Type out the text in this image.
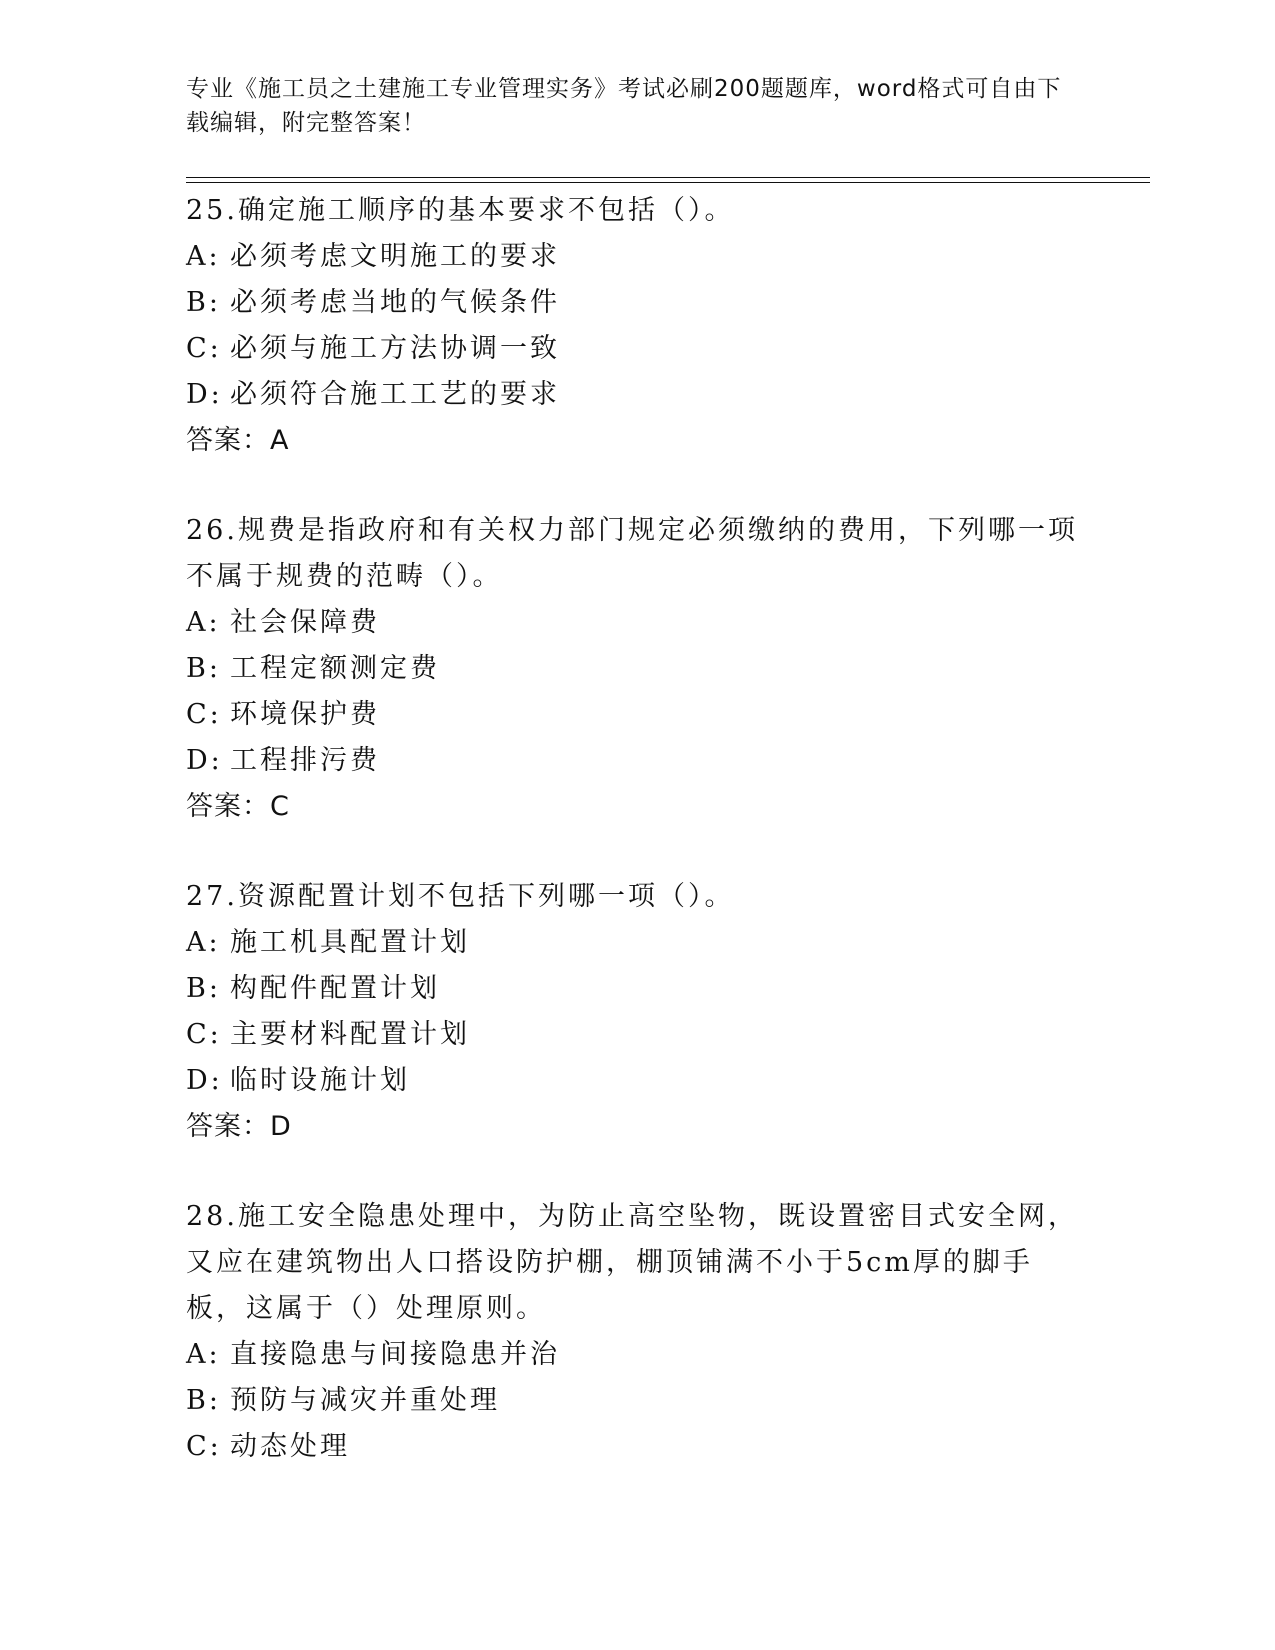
专业《施工员之土建施工专业管理实务》考试必刷200题题库，word格式可自由下载编辑，附完整答案！
25.确定施工顺序的基本要求不包括（）。
A: 必须考虑文明施工的要求
B: 必须考虑当地的气候条件
C: 必须与施工方法协调一致
D: 必须符合施工工艺的要求
答案：A
26.规费是指政府和有关权力部门规定必须缴纳的费用，下列哪一项不属于规费的范畴（）。
A: 社会保障费
B: 工程定额测定费
C: 环境保护费
D: 工程排污费
答案：C
27.资源配置计划不包括下列哪一项（）。
A: 施工机具配置计划
B: 构配件配置计划
C: 主要材料配置计划
D: 临时设施计划
答案：D
28.施工安全隐患处理中，为防止高空坠物，既设置密目式安全网，又应在建筑物出人口搭设防护棚，棚顶铺满不小于5cm厚的脚手板，这属于（）处理原则。
A: 直接隐患与间接隐患并治
B: 预防与减灾并重处理
C: 动态处理
